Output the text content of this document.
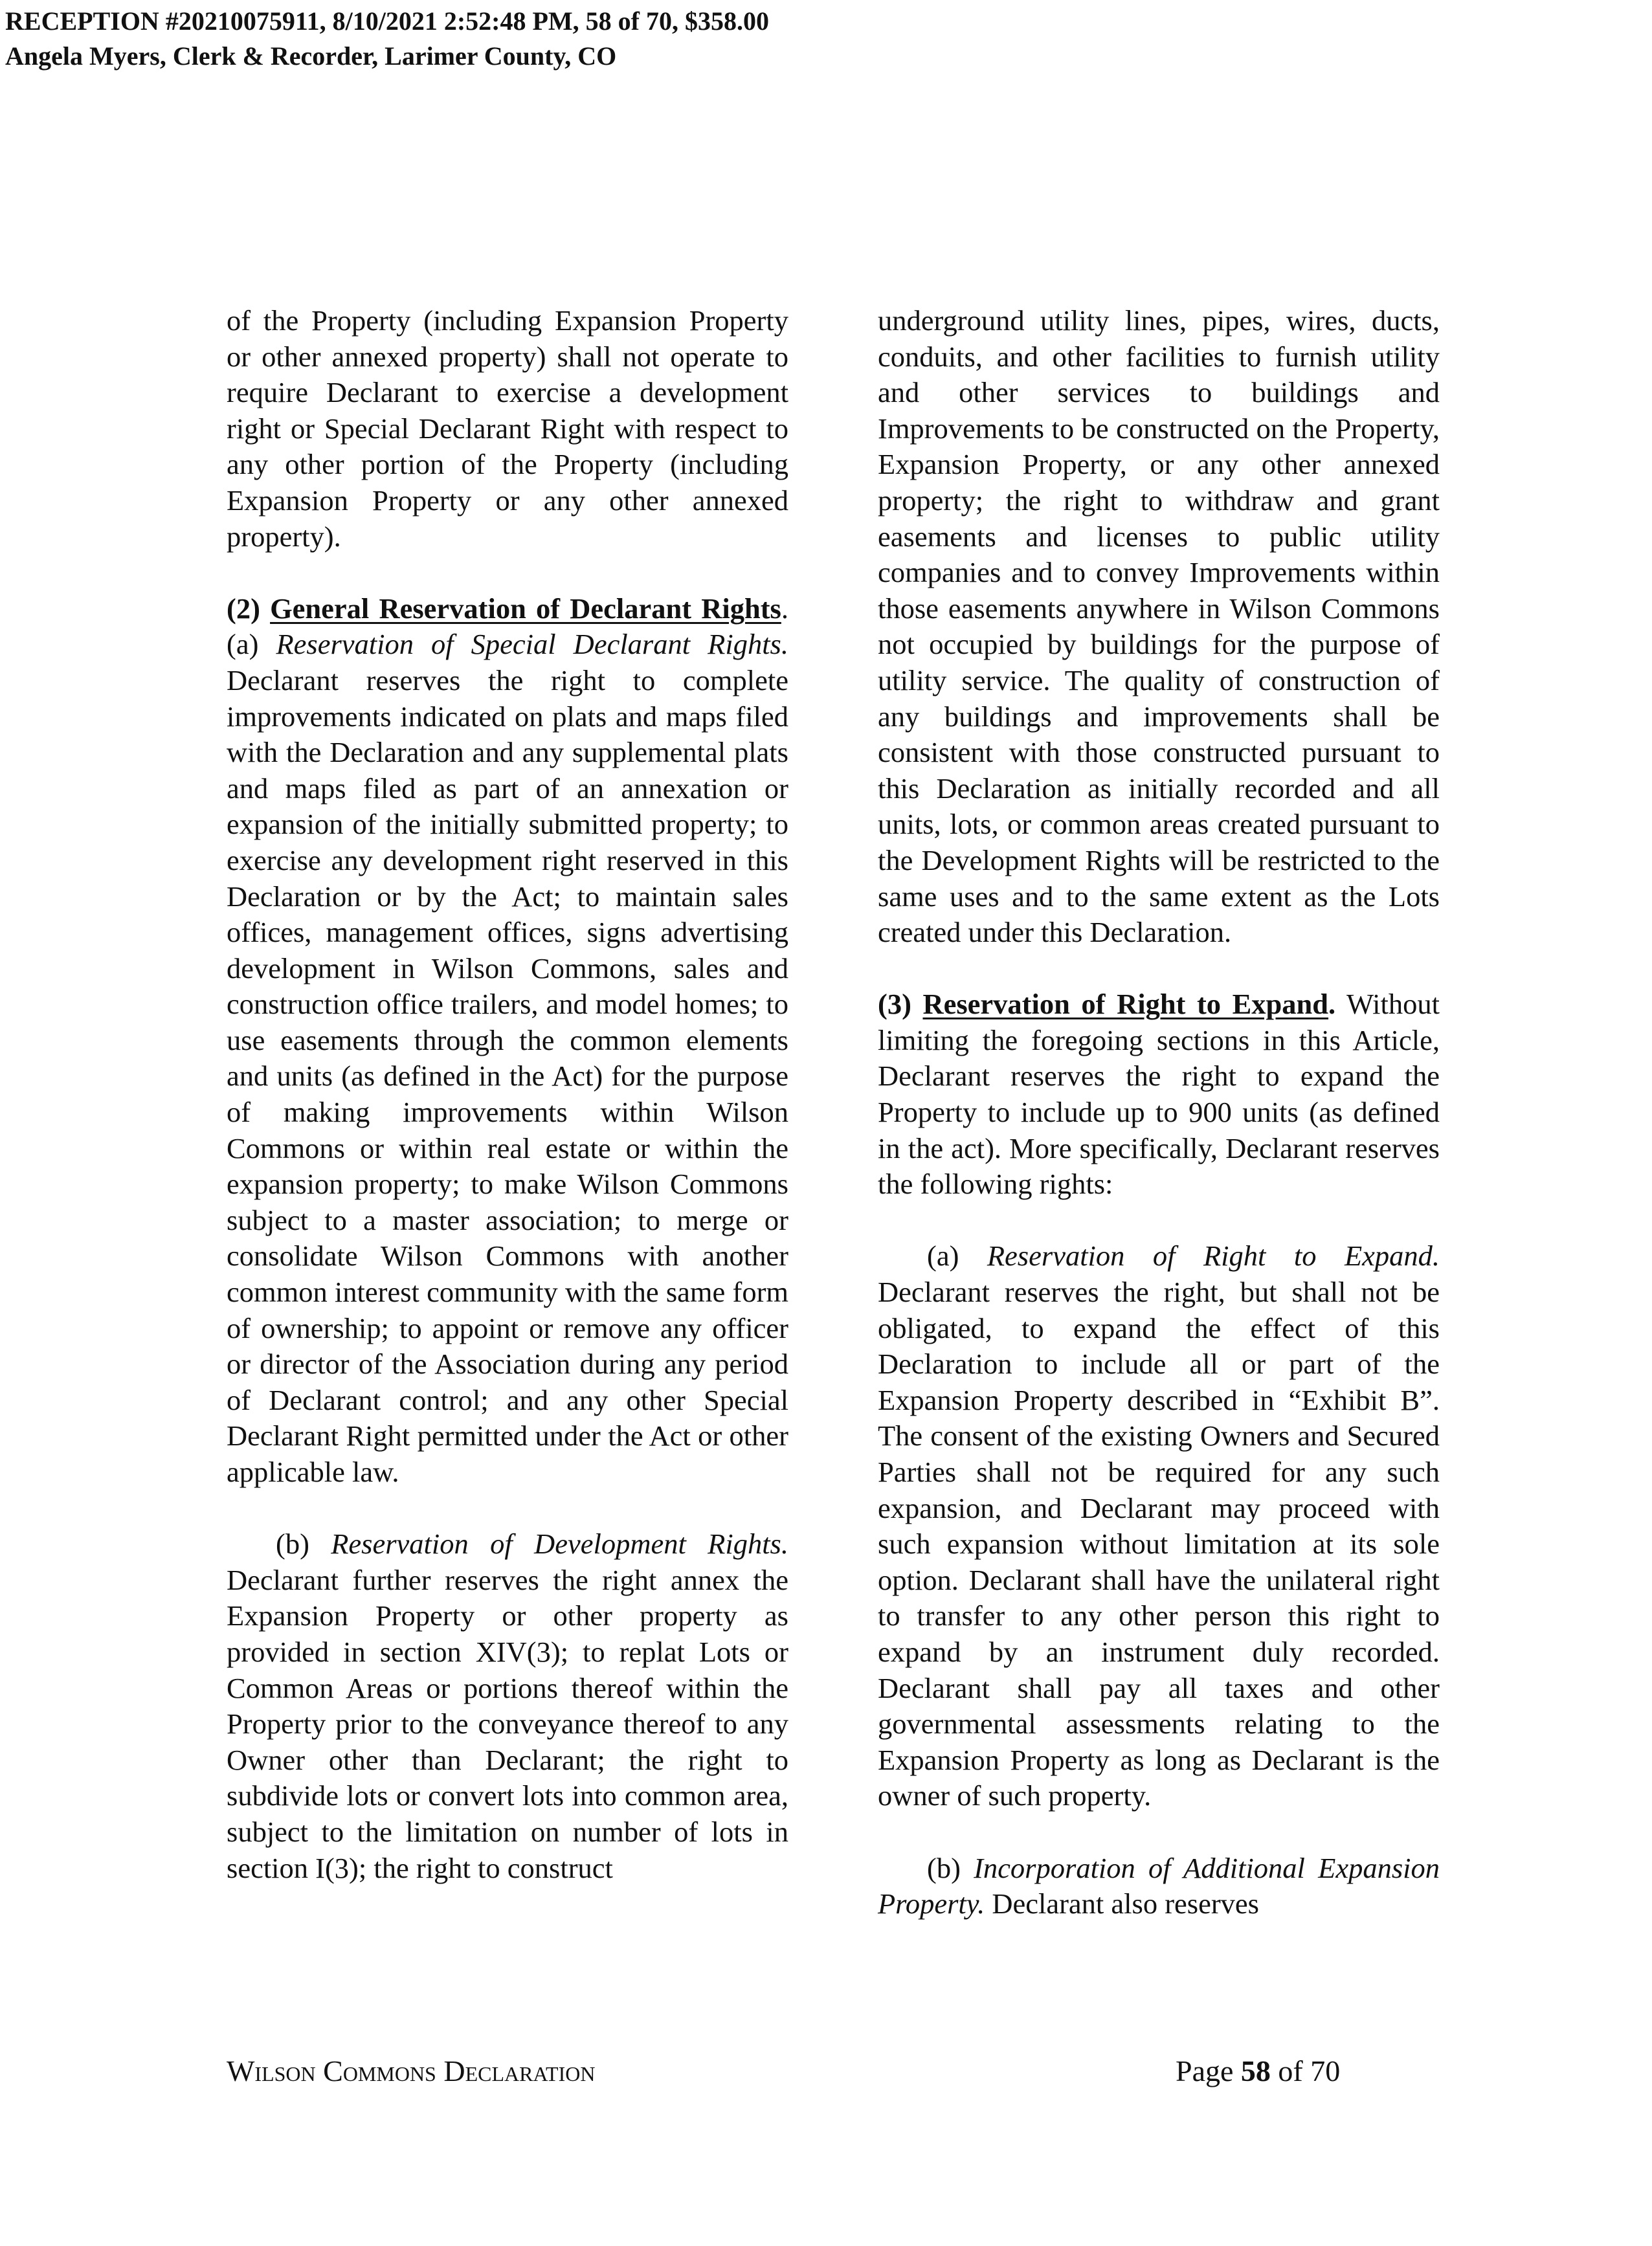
RECEPTION #20210075911, 8/10/2021 2:52:48 PM, 58 of 70, $358.00
Angela Myers, Clerk & Recorder, Larimer County, CO

of the Property (including Expansion Property or other annexed property) shall not operate to require Declarant to exercise a development right or Special Declarant Right with respect to any other portion of the Property (including Expansion Property or any other annexed property).

(2) General Reservation of Declarant Rights. (a) Reservation of Special Declarant Rights. Declarant reserves the right to complete improvements indicated on plats and maps filed with the Declaration and any supplemental plats and maps filed as part of an annexation or expansion of the initially submitted property; to exercise any development right reserved in this Declaration or by the Act; to maintain sales offices, management offices, signs advertising development in Wilson Commons, sales and construction office trailers, and model homes; to use easements through the common elements and units (as defined in the Act) for the purpose of making improvements within Wilson Commons or within real estate or within the expansion property; to make Wilson Commons subject to a master association; to merge or consolidate Wilson Commons with another common interest community with the same form of ownership; to appoint or remove any officer or director of the Association during any period of Declarant control; and any other Special Declarant Right permitted under the Act or other applicable law.

(b) Reservation of Development Rights. Declarant further reserves the right annex the Expansion Property or other property as provided in section XIV(3); to replat Lots or Common Areas or portions thereof within the Property prior to the conveyance thereof to any Owner other than Declarant; the right to subdivide lots or convert lots into common area, subject to the limitation on number of lots in section I(3); the right to construct

underground utility lines, pipes, wires, ducts, conduits, and other facilities to furnish utility and other services to buildings and Improvements to be constructed on the Property, Expansion Property, or any other annexed property; the right to withdraw and grant easements and licenses to public utility companies and to convey Improvements within those easements anywhere in Wilson Commons not occupied by buildings for the purpose of utility service. The quality of construction of any buildings and improvements shall be consistent with those constructed pursuant to this Declaration as initially recorded and all units, lots, or common areas created pursuant to the Development Rights will be restricted to the same uses and to the same extent as the Lots created under this Declaration.

(3) Reservation of Right to Expand. Without limiting the foregoing sections in this Article, Declarant reserves the right to expand the Property to include up to 900 units (as defined in the act). More specifically, Declarant reserves the following rights:

(a) Reservation of Right to Expand. Declarant reserves the right, but shall not be obligated, to expand the effect of this Declaration to include all or part of the Expansion Property described in “Exhibit B”. The consent of the existing Owners and Secured Parties shall not be required for any such expansion, and Declarant may proceed with such expansion without limitation at its sole option. Declarant shall have the unilateral right to transfer to any other person this right to expand by an instrument duly recorded. Declarant shall pay all taxes and other governmental assessments relating to the Expansion Property as long as Declarant is the owner of such property.

(b) Incorporation of Additional Expansion Property. Declarant also reserves

Wilson Commons Declaration	Page 58 of 70
